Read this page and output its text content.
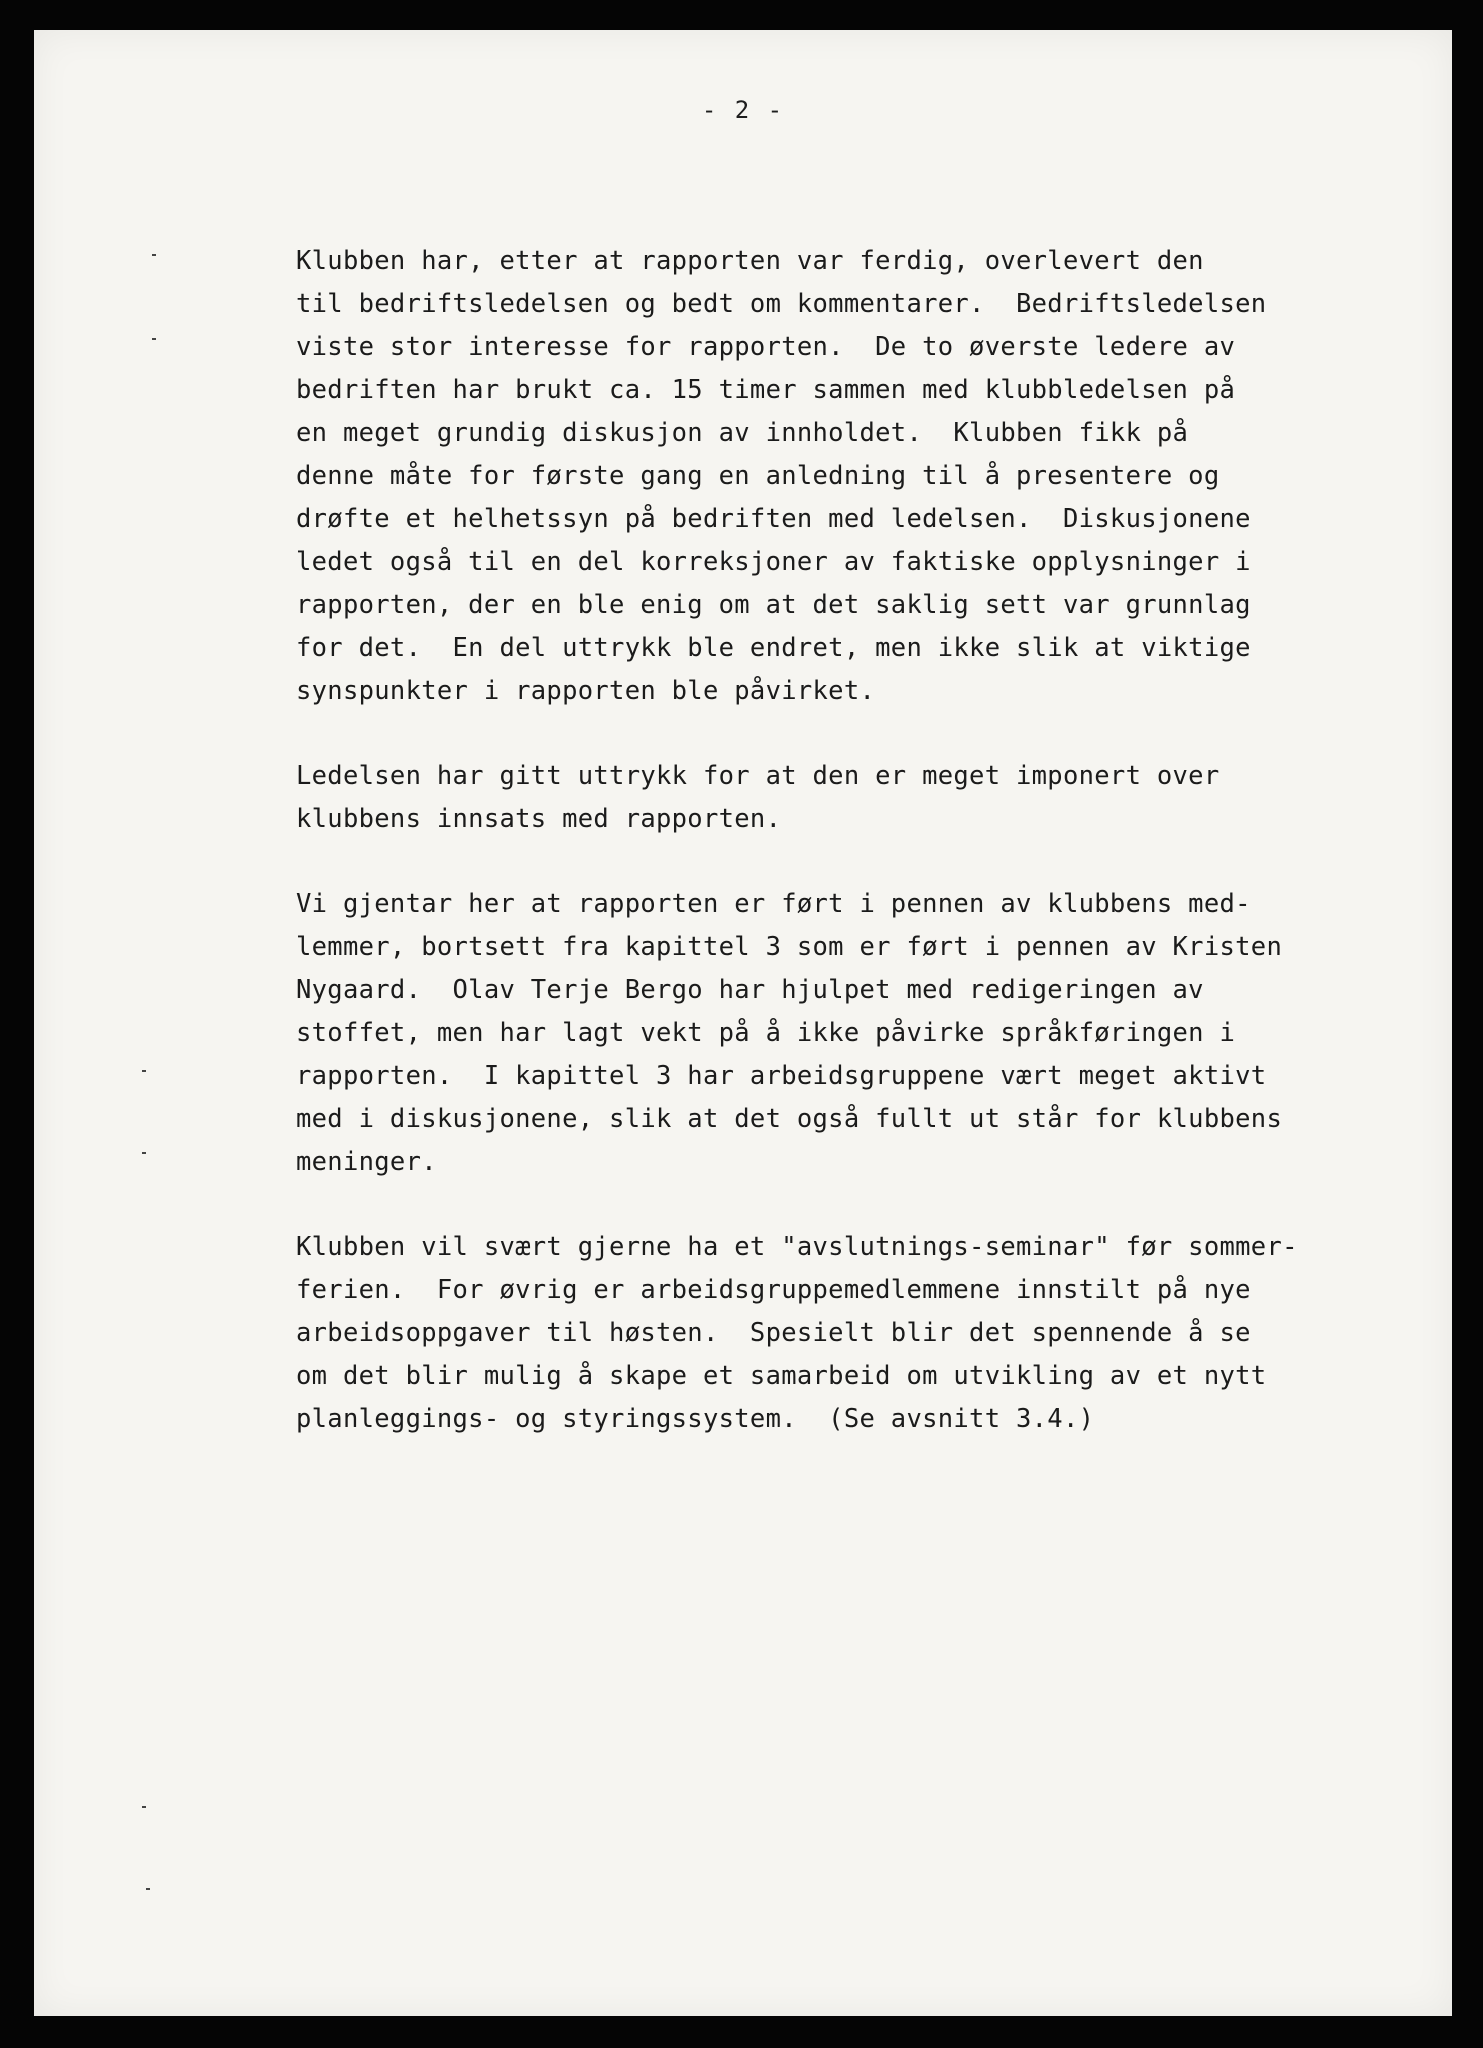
- 2 -

Klubben har, etter at rapporten var ferdig, overlevert den
til bedriftsledelsen og bedt om kommentarer.  Bedriftsledelsen
viste stor interesse for rapporten.  De to øverste ledere av
bedriften har brukt ca. 15 timer sammen med klubbledelsen på
en meget grundig diskusjon av innholdet.  Klubben fikk på
denne måte for første gang en anledning til å presentere og
drøfte et helhetssyn på bedriften med ledelsen.  Diskusjonene
ledet også til en del korreksjoner av faktiske opplysninger i
rapporten, der en ble enig om at det saklig sett var grunnlag
for det.  En del uttrykk ble endret, men ikke slik at viktige
synspunkter i rapporten ble påvirket.

Ledelsen har gitt uttrykk for at den er meget imponert over
klubbens innsats med rapporten.

Vi gjentar her at rapporten er ført i pennen av klubbens med-
lemmer, bortsett fra kapittel 3 som er ført i pennen av Kristen
Nygaard.  Olav Terje Bergo har hjulpet med redigeringen av
stoffet, men har lagt vekt på å ikke påvirke språkføringen i
rapporten.  I kapittel 3 har arbeidsgruppene vært meget aktivt
med i diskusjonene, slik at det også fullt ut står for klubbens
meninger.

Klubben vil svært gjerne ha et "avslutnings-seminar" før sommer-
ferien.  For øvrig er arbeidsgruppemedlemmene innstilt på nye
arbeidsoppgaver til høsten.  Spesielt blir det spennende å se
om det blir mulig å skape et samarbeid om utvikling av et nytt
planleggings- og styringssystem.  (Se avsnitt 3.4.)
